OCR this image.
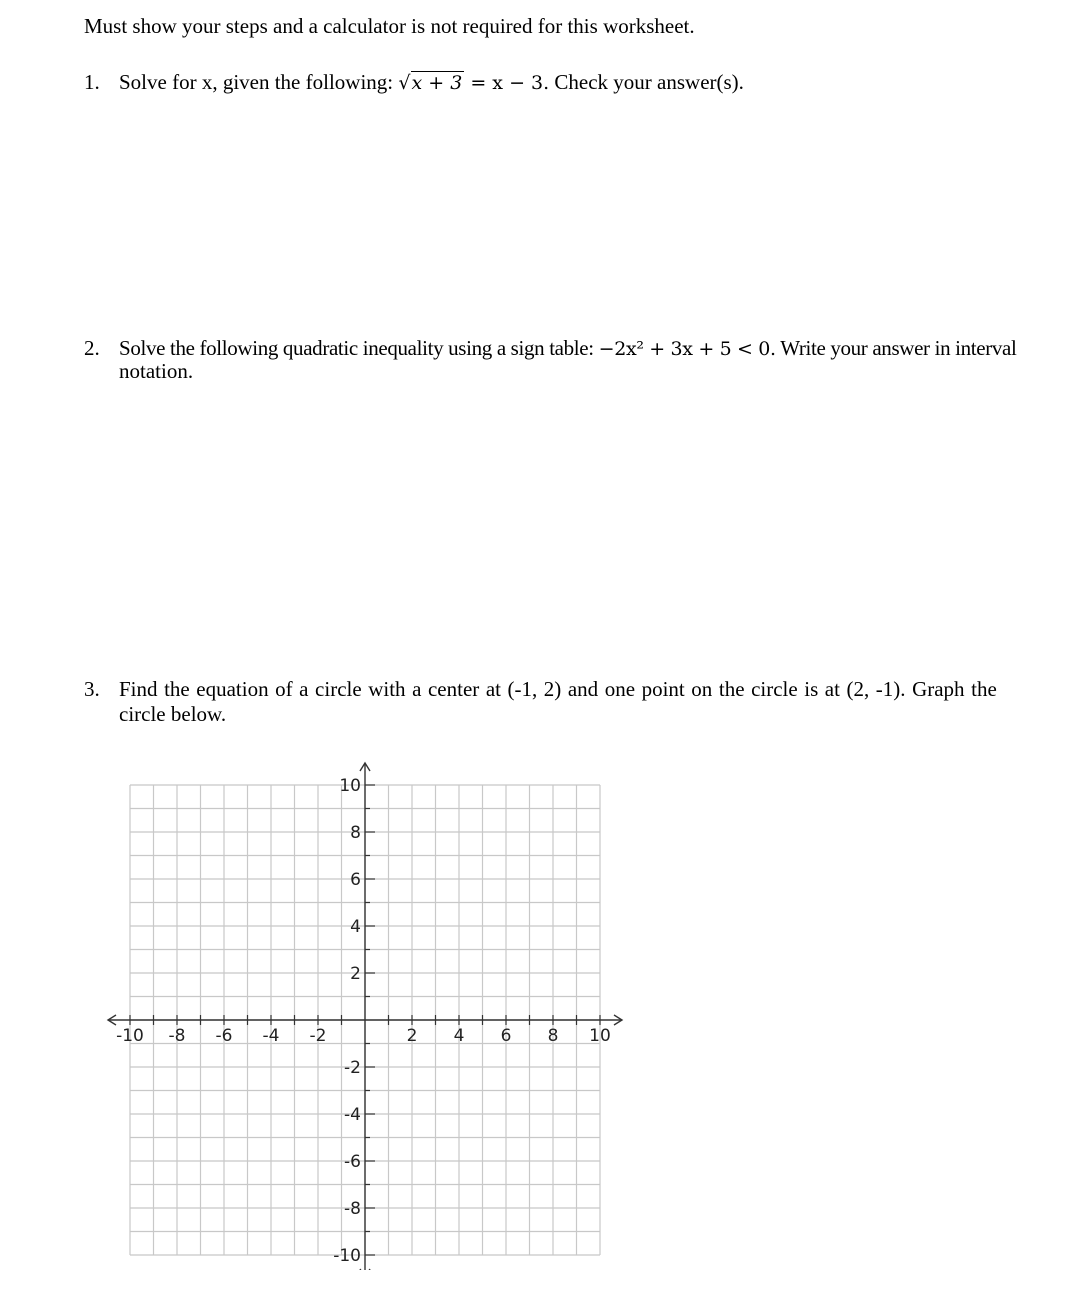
Must show your steps and a calculator is not required for this worksheet.
1. Solve for x, given the following: √x + 3 = x − 3. Check your answer(s).
2. Solve the following quadratic inequality using a sign table: −2x² + 3x + 5 < 0. Write your answer in interval
notation.
3. Find the equation of a circle with a center at (-1, 2) and one point on the circle is at (2, -1). Graph the
circle below.
-10 -8 -6 -4 -2	2 4 6 8 10
10
8
6
4
2
-2
-4
-6
-8
-10
